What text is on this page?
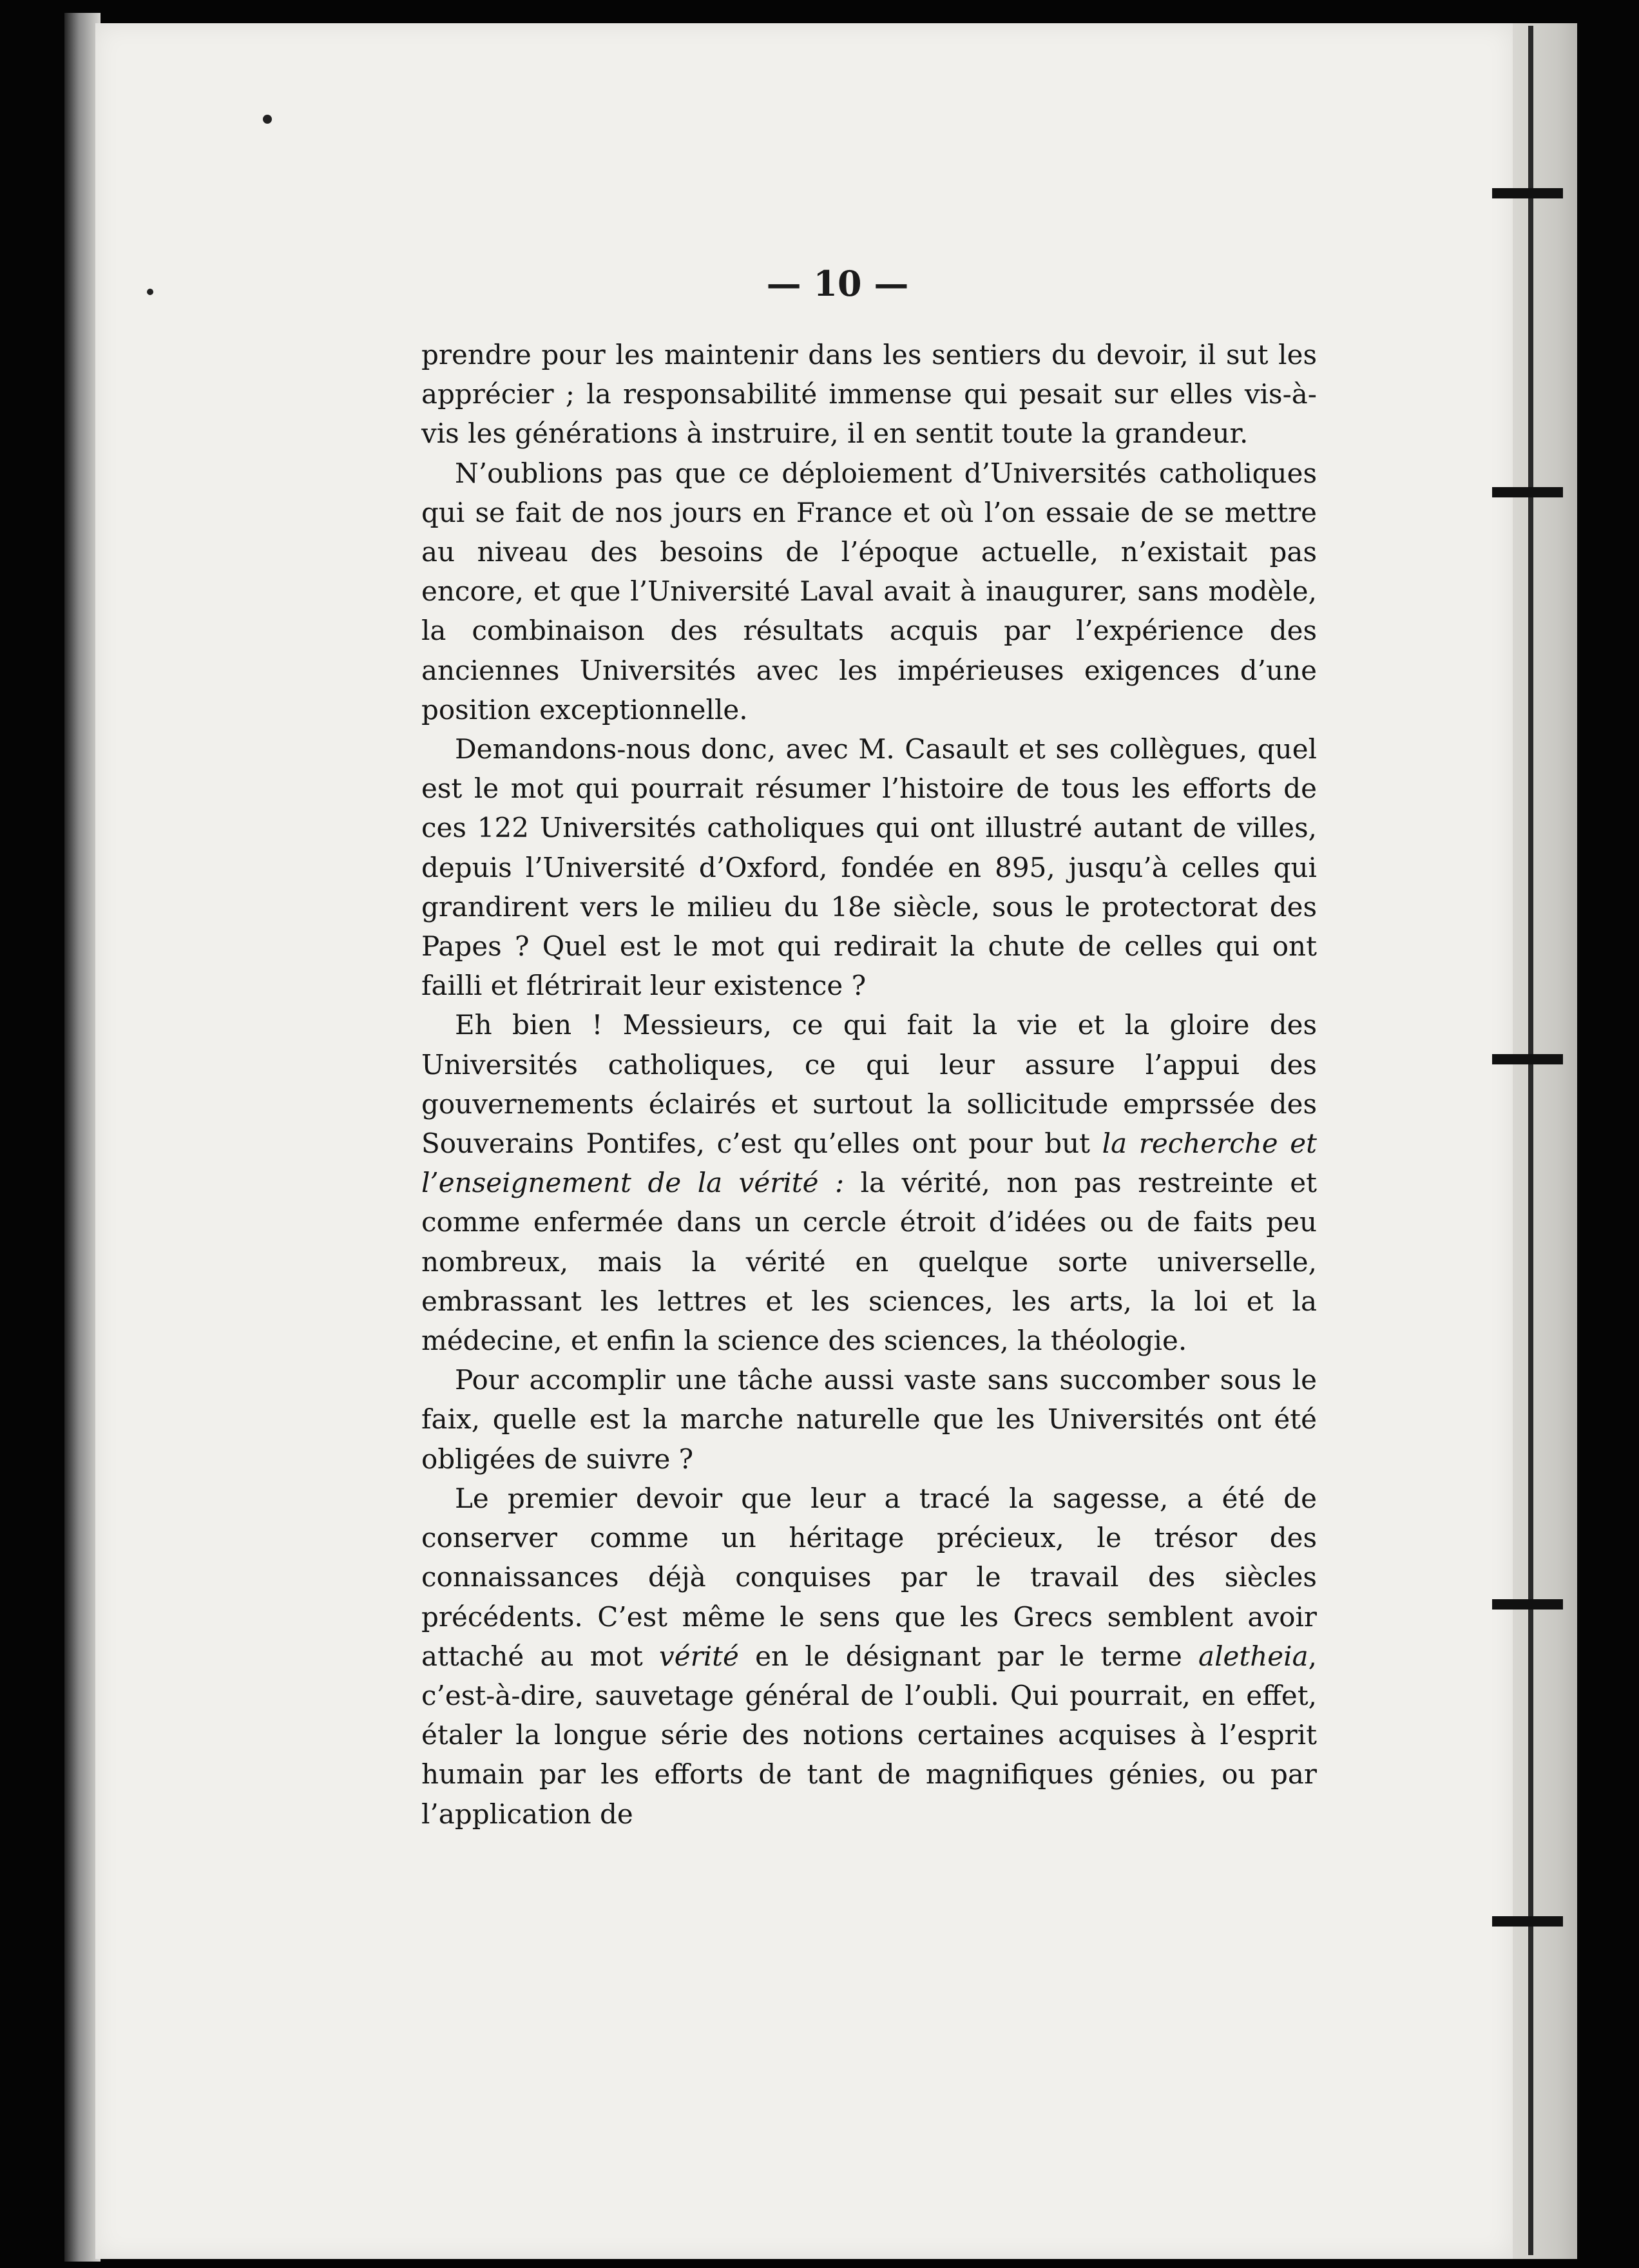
— 10 —

prendre pour les maintenir dans les sentiers du devoir, il sut les apprécier ; la responsabilité immense qui pesait sur elles vis-à-vis les générations à instruire, il en sentit toute la grandeur.

N’oublions pas que ce déploiement d’Universités catholiques qui se fait de nos jours en France et où l’on essaie de se mettre au niveau des besoins de l’époque actuelle, n’existait pas encore, et que l’Université Laval avait à inaugurer, sans modèle, la combinaison des résultats acquis par l’expérience des anciennes Universités avec les impérieuses exigences d’une position exceptionnelle.

Demandons-nous donc, avec M. Casault et ses collègues, quel est le mot qui pourrait résumer l’histoire de tous les efforts de ces 122 Universités catholiques qui ont illustré autant de villes, depuis l’Université d’Oxford, fondée en 895, jusqu’à celles qui grandirent vers le milieu du 18e siècle, sous le protectorat des Papes ? Quel est le mot qui redirait la chute de celles qui ont failli et flétrirait leur existence ?

Eh bien ! Messieurs, ce qui fait la vie et la gloire des Universités catholiques, ce qui leur assure l’appui des gouvernements éclairés et surtout la sollicitude emprssée des Souverains Pontifes, c’est qu’elles ont pour but la recherche et l’enseignement de la vérité : la vérité, non pas restreinte et comme enfermée dans un cercle étroit d’idées ou de faits peu nombreux, mais la vérité en quelque sorte universelle, embrassant les lettres et les sciences, les arts, la loi et la médecine, et enfin la science des sciences, la théologie.

Pour accomplir une tâche aussi vaste sans succomber sous le faix, quelle est la marche naturelle que les Universités ont été obligées de suivre ?

Le premier devoir que leur a tracé la sagesse, a été de conserver comme un héritage précieux, le trésor des connaissances déjà conquises par le travail des siècles précédents. C’est même le sens que les Grecs semblent avoir attaché au mot vérité en le désignant par le terme aletheia, c’est-à-dire, sauvetage général de l’oubli. Qui pourrait, en effet, étaler la longue série des notions certaines acquises à l’esprit humain par les efforts de tant de magnifiques génies, ou par l’application de
